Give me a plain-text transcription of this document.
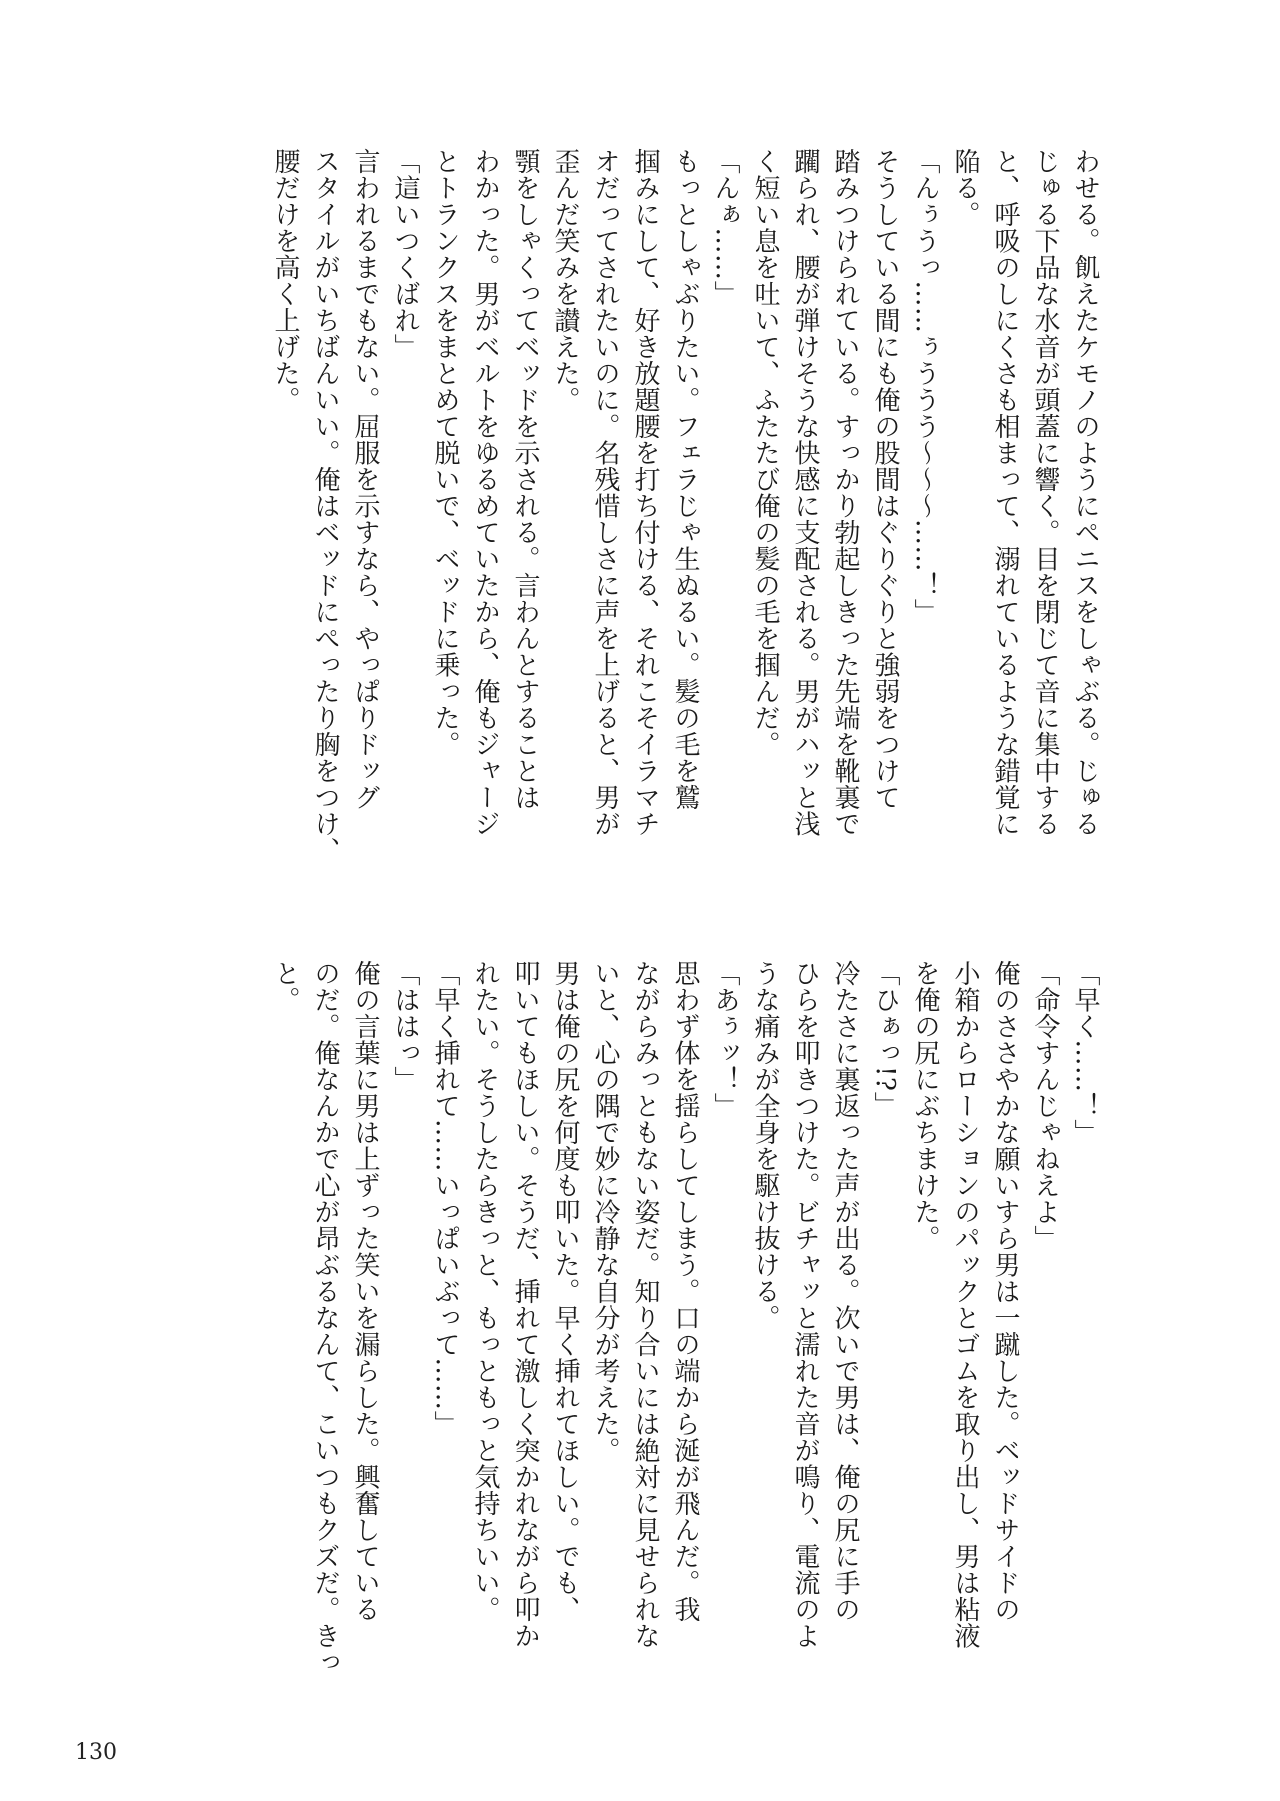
わせる。飢えたケモノのようにペニスをしゃぶる。じゅる
じゅる下品な水音が頭蓋に響く。目を閉じて音に集中する
と、呼吸のしにくさも相まって、溺れているような錯覚に
陥る。
「んぅうっ……ぅううう〜〜〜……！」
そうしている間にも俺の股間はぐりぐりと強弱をつけて
踏みつけられている。すっかり勃起しきった先端を靴裏で
躙られ、腰が弾けそうな快感に支配される。男がハッと浅
く短い息を吐いて、ふたたび俺の髪の毛を掴んだ。
「んぁ……」
もっとしゃぶりたい。フェラじゃ生ぬるい。髪の毛を鷲
掴みにして、好き放題腰を打ち付ける、それこそイラマチ
オだってされたいのに。名残惜しさに声を上げると、男が
歪んだ笑みを讃えた。
顎をしゃくってベッドを示される。言わんとすることは
わかった。男がベルトをゆるめていたから、俺もジャージ
とトランクスをまとめて脱いで、ベッドに乗った。
「這いつくばれ」
言われるまでもない。屈服を示すなら、やっぱりドッグ
スタイルがいちばんいい。俺はベッドにぺったり胸をつけ、
腰だけを高く上げた。
「早く……！」
「命令すんじゃねえよ」
俺のささやかな願いすら男は一蹴した。ベッドサイドの
小箱からローションのパックとゴムを取り出し、男は粘液
を俺の尻にぶちまけた。
「ひぁっ!?」
冷たさに裏返った声が出る。次いで男は、俺の尻に手の
ひらを叩きつけた。ビチャッと濡れた音が鳴り、電流のよ
うな痛みが全身を駆け抜ける。
「あぅッ！」
思わず体を揺らしてしまう。口の端から涎が飛んだ。我
ながらみっともない姿だ。知り合いには絶対に見せられな
いと、心の隅で妙に冷静な自分が考えた。
男は俺の尻を何度も叩いた。早く挿れてほしい。でも、
叩いてもほしい。そうだ、挿れて激しく突かれながら叩か
れたい。そうしたらきっと、もっともっと気持ちいい。
「早く挿れて……いっぱいぶって……」
「ははっ」
俺の言葉に男は上ずった笑いを漏らした。興奮している
のだ。俺なんかで心が昂ぶるなんて、こいつもクズだ。きっ
と。
130
